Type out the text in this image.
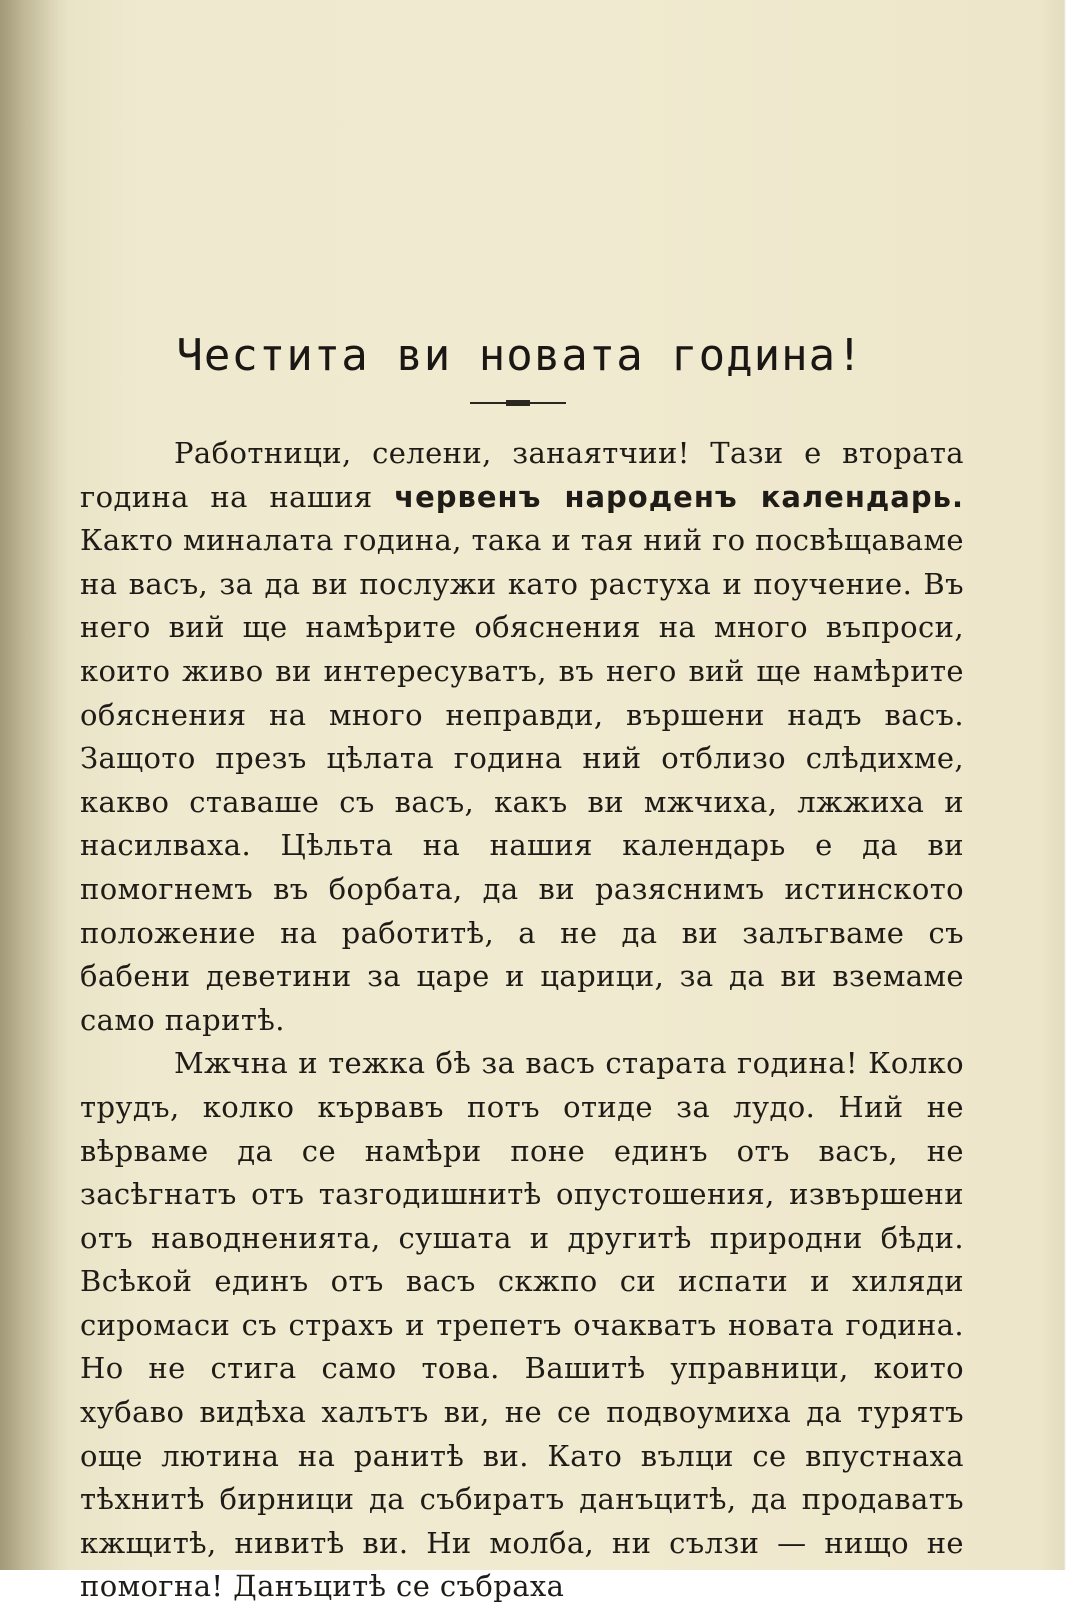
Честита ви новата година!

Работници, селени, занаятчии! Тази е втората година на нашия червенъ народенъ календарь. Както миналата година, така и тая ний го посвѣщаваме на васъ, за да ви послужи като растуха и поучение. Въ него вий ще намѣрите обяснения на много въпроси, които живо ви интересуватъ, въ него вий ще намѣрите обяснения на много неправди, вършени надъ васъ. Защото презъ цѣлата година ний отблизо слѣдихме, какво ставаше съ васъ, какъ ви мжчиха, лжжиха и насилваха. Цѣльта на нашия календарь е да ви помогнемъ въ борбата, да ви разяснимъ истинското положение на работитѣ, а не да ви залъгваме съ бабени деветини за царе и царици, за да ви вземаме само паритѣ.

Мжчна и тежка бѣ за васъ старата година! Колко трудъ, колко кървавъ потъ отиде за лудо. Ний не вѣрваме да се намѣри поне единъ отъ васъ, не засѣгнатъ отъ тазгодишнитѣ опустошения, извършени отъ наводненията, сушата и другитѣ природни бѣди. Всѣкой единъ отъ васъ скжпо си испати и хиляди сиромаси съ страхъ и трепетъ очакватъ новата година. Но не стига само това. Вашитѣ управници, които хубаво видѣха халътъ ви, не се подвоумиха да турятъ още лютина на ранитѣ ви. Като вълци се впустнаха тѣхнитѣ бирници да събиратъ данъцитѣ, да продаватъ кжщитѣ, нивитѣ ви. Ни молба, ни сълзи — нищо не помогна! Данъцитѣ се събраха
